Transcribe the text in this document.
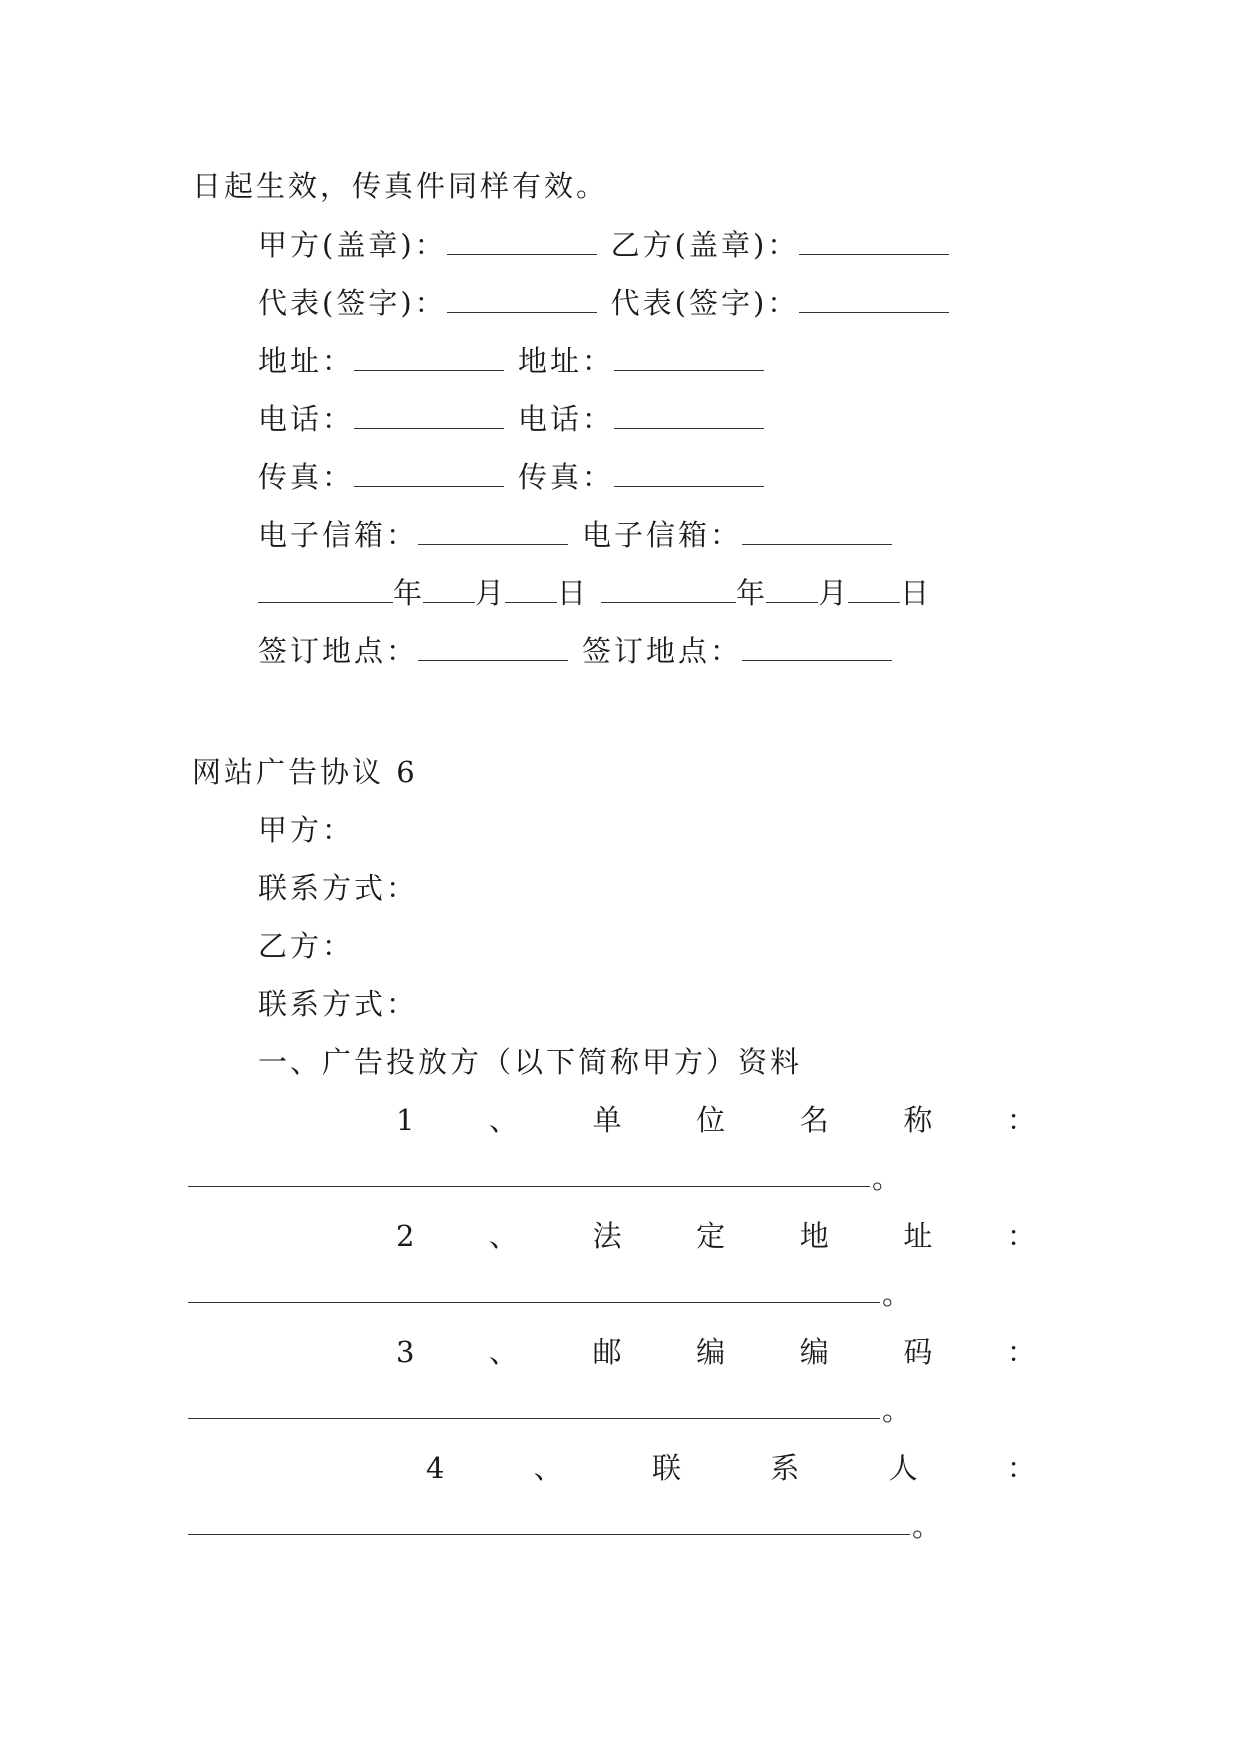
日起生效，传真件同样有效。
甲方(盖章)：	乙方(盖章)：
代表(签字)：	代表(签字)：
地址：	地址：
电话：	电话：
传真：	传真：
电子信箱：	电子信箱：
年 月 日	年 月 日
签订地点：	签订地点：
网站广告协议 6
甲方：
联系方式：
乙方：
联系方式：
一、广告投放方（以下简称甲方）资料
1	、	单	位	名	称	：
。
2	、	法	定	地	址	：
。
3	、	邮	编	编	码	：
。
4	、	联	系	人	：
。
